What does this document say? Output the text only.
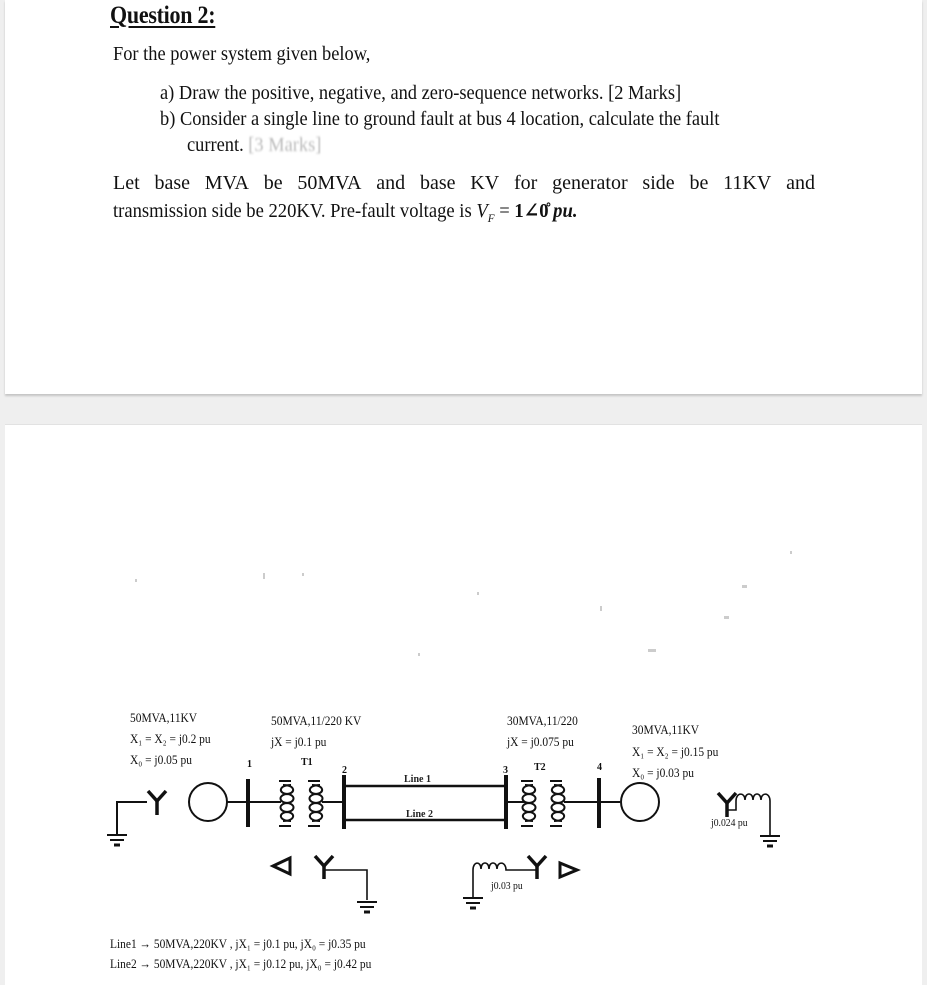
Question 2:
For the power system given below,
a) Draw the positive, negative, and zero-sequence networks. [2 Marks]
b) Consider a single line to ground fault at bus 4 location, calculate the fault
current. [3 Marks]
Let base MVA be 50MVA and base KV for generator side be 11KV and
transmission side be 220KV. Pre-fault voltage is $V_F$ = 1∠0̊ pu.
50MVA,11KV
X₁ = X₂ = j0.2 pu
X₀ = j0.05 pu
50MVA,11/220 KV
jX = j0.1 pu
T1
30MVA,11/220
jX = j0.075 pu
T2
30MVA,11KV
X₁ = X₂ = j0.15 pu
X₀ = j0.03 pu
1
2	3	4
Line 1
Line 2
j0.024 pu
j0.03 pu
Line1 → 50MVA,220KV , jX₁ = j0.1 pu, jX₀ = j0.35 pu
Line2 → 50MVA,220KV , jX₁ = j0.12 pu, jX₀ = j0.42 pu
